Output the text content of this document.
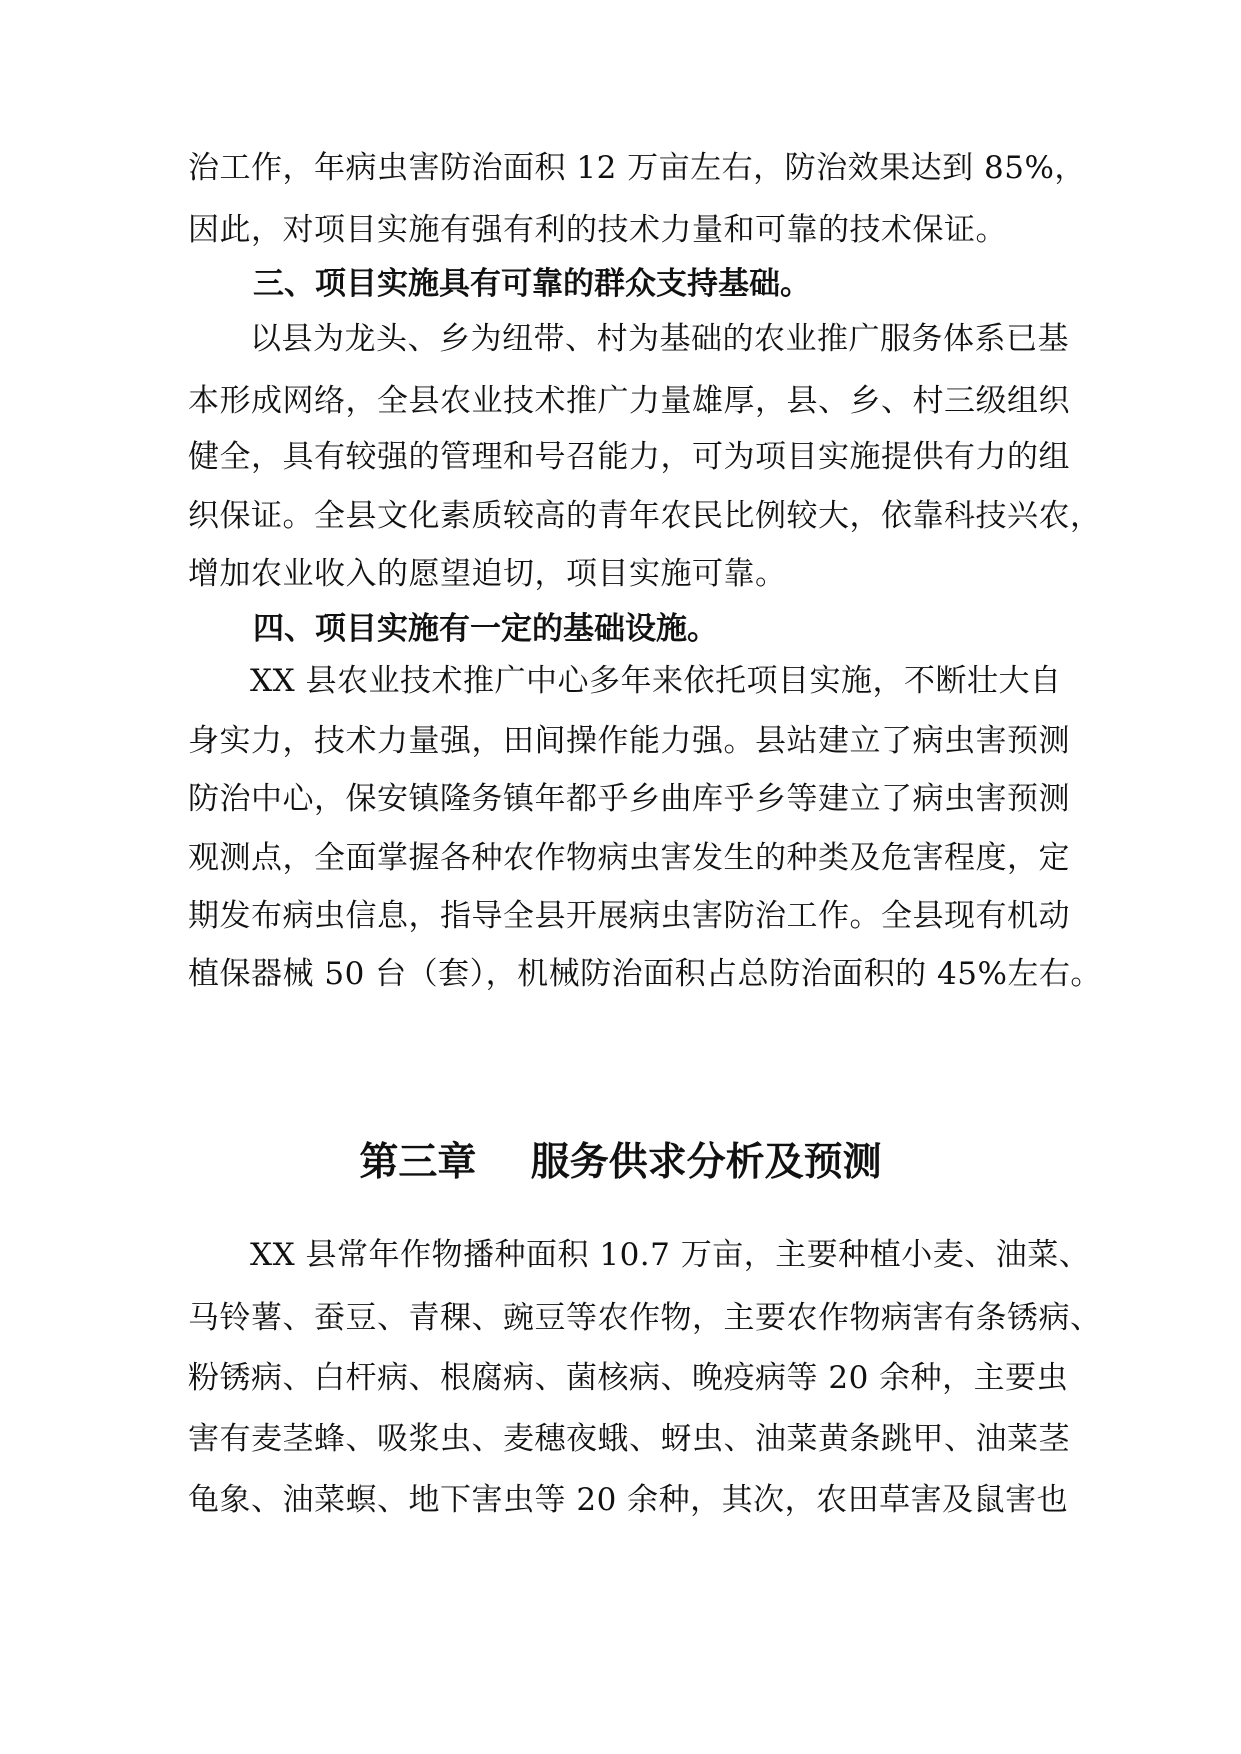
治工作，年病虫害防治面积 12 万亩左右，防治效果达到 85%，
因此，对项目实施有强有利的技术力量和可靠的技术保证。
三、项目实施具有可靠的群众支持基础。
以县为龙头、乡为纽带、村为基础的农业推广服务体系已基
本形成网络，全县农业技术推广力量雄厚，县、乡、村三级组织
健全，具有较强的管理和号召能力，可为项目实施提供有力的组
织保证。全县文化素质较高的青年农民比例较大，依靠科技兴农，
增加农业收入的愿望迫切，项目实施可靠。
四、项目实施有一定的基础设施。
XX 县农业技术推广中心多年来依托项目实施，不断壮大自
身实力，技术力量强，田间操作能力强。县站建立了病虫害预测
防治中心，保安镇隆务镇年都乎乡曲库乎乡等建立了病虫害预测
观测点，全面掌握各种农作物病虫害发生的种类及危害程度，定
期发布病虫信息，指导全县开展病虫害防治工作。全县现有机动
植保器械 50 台（套），机械防治面积占总防治面积的 45%左右。
第三章    服务供求分析及预测
XX 县常年作物播种面积 10.7 万亩，主要种植小麦、油菜、
马铃薯、蚕豆、青稞、豌豆等农作物，主要农作物病害有条锈病、
粉锈病、白杆病、根腐病、菌核病、晚疫病等 20 余种，主要虫
害有麦茎蜂、吸浆虫、麦穗夜蛾、蚜虫、油菜黄条跳甲、油菜茎
龟象、油菜螟、地下害虫等 20 余种，其次，农田草害及鼠害也
